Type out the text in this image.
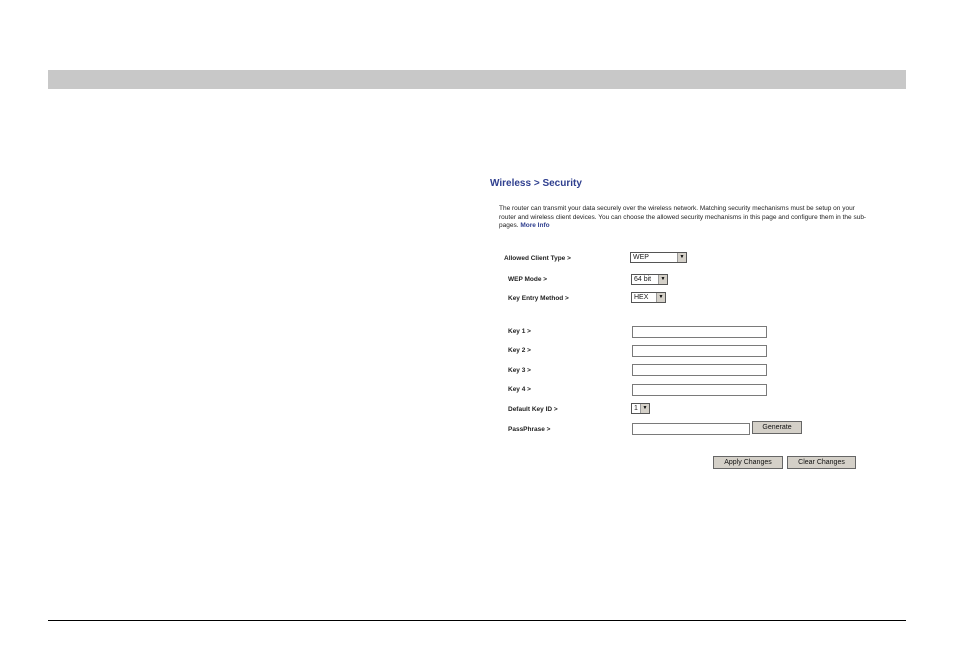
Wireless > Security
The router can transmit your data securely over the wireless network. Matching security mechanisms must be setup on your router and wireless client devices. You can choose the allowed security mechanisms in this page and configure them in the sub-pages. More Info
Allowed Client Type >	WEP	▼
WEP Mode >	64 bit	▼
Key Entry Method >	HEX	▼
Key 1 >
Key 2 >
Key 3 >
Key 4 >
Default Key ID >	1 ▼
PassPhrase >	Generate
Apply Changes	Clear Changes
